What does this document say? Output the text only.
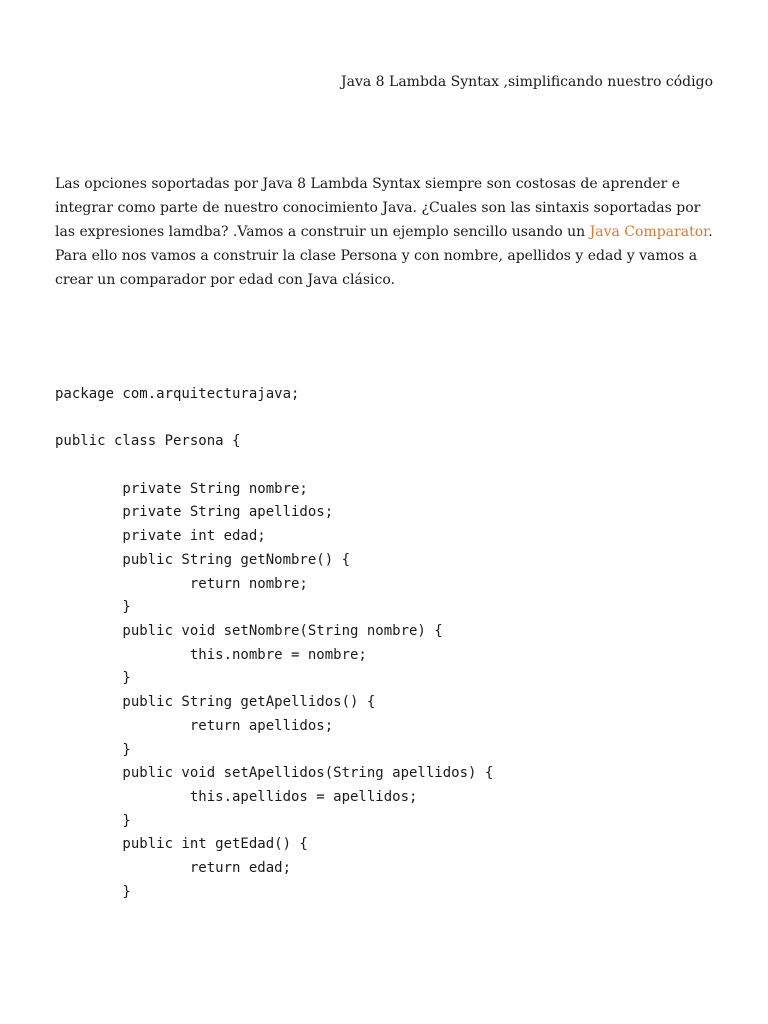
Java 8 Lambda Syntax ,simplificando nuestro código
Las opciones soportadas por Java 8 Lambda Syntax siempre son costosas de aprender e
integrar como parte de nuestro conocimiento Java. ¿Cuales son las sintaxis soportadas por
las expresiones lamdba? .Vamos a construir un ejemplo sencillo usando un Java Comparator.
Para ello nos vamos a construir la clase Persona y con nombre, apellidos y edad y vamos a
crear un comparador por edad con Java clásico.
package com.arquitecturajava;
public class Persona {
private String nombre;
private String apellidos;
private int edad;
public String getNombre() {
return nombre;
}
public void setNombre(String nombre) {
this.nombre = nombre;
}
public String getApellidos() {
return apellidos;
}
public void setApellidos(String apellidos) {
this.apellidos = apellidos;
}
public int getEdad() {
return edad;
}
